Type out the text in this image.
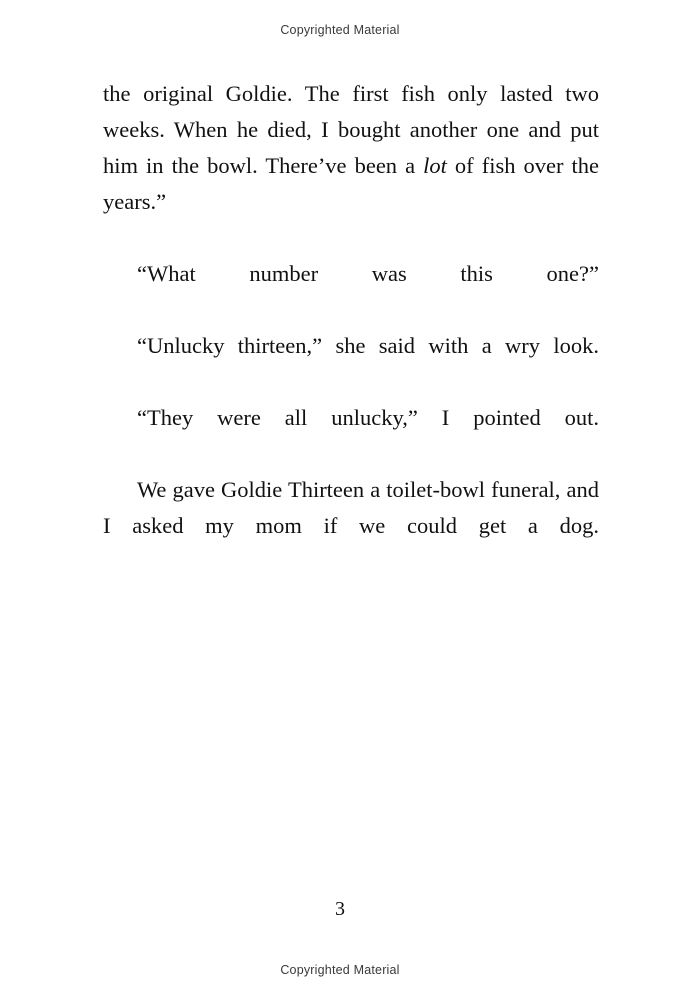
Copyrighted Material

the original Goldie. The first fish only lasted two weeks. When he died, I bought another one and put him in the bowl. There’ve been a lot of fish over the years.”

“What number was this one?”

“Unlucky thirteen,” she said with a wry look.

“They were all unlucky,” I pointed out.

We gave Goldie Thirteen a toilet-bowl funeral, and I asked my mom if we could get a dog.

3
Copyrighted Material
